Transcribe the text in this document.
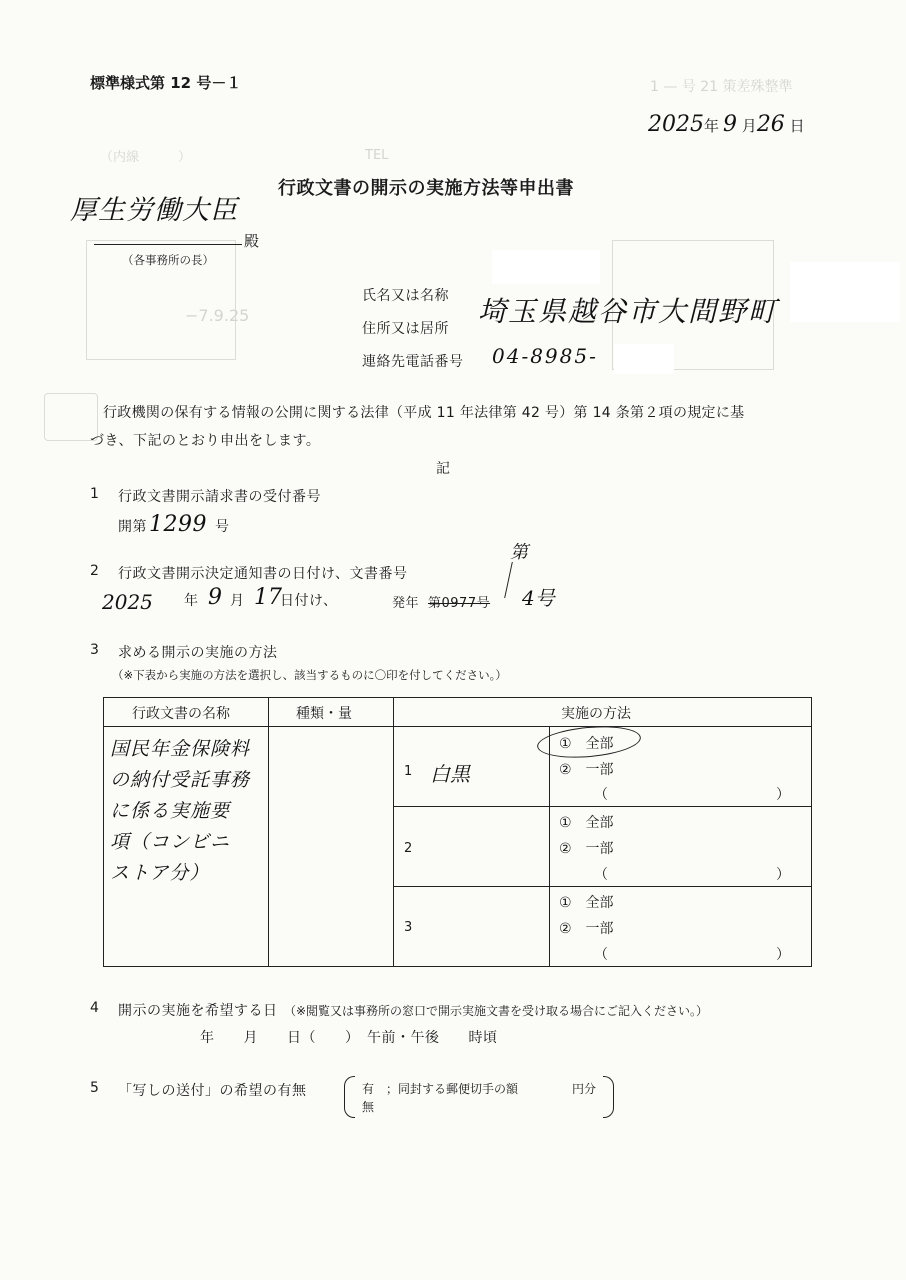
1 — 号 21 策差殊整準
TEL
（内線　　　）
−7.9.25
標準様式第 12 号－１
2025年 9 月26 日
行政文書の開示の実施方法等申出書
厚生労働大臣
殿
（各事務所の長）
氏名又は名称
住所又は居所
埼玉県越谷市大間野町
連絡先電話番号 04-8985-
行政機関の保有する情報の公開に関する法律（平成 11 年法律第 42 号）第 14 条第２項の規定に基
づき、下記のとおり申出をします。
記
1 行政文書開示請求書の受付番号
開第1299 号
2 行政文書開示決定通知書の日付け、文書番号
第
2025 年 9 月 17
日付け、	発年 第0977号 4号
3 求める開示の実施の方法
（※下表から実施の方法を選択し、該当するものに〇印を付してください。）
行政文書の名称	種類・量	実施の方法
国民年金保険料
の納付受託事務
に係る実施要
項（コンビニ
ストア分）
1 白黒
①　全部
②　一部
（　　　　　　　　　　　　）
2
①　全部
②　一部
（　　　　　　　　　　　　）
3
①　全部
②　一部
（　　　　　　　　　　　　）
4 開示の実施を希望する日 （※閲覧又は事務所の窓口で開示実施文書を受け取る場合にご記入ください。）
年　　月　　日（　　）　午前・午後　　時頃
5 「写しの送付」の希望の有無	有　；同封する郵便切手の額	円分
無
